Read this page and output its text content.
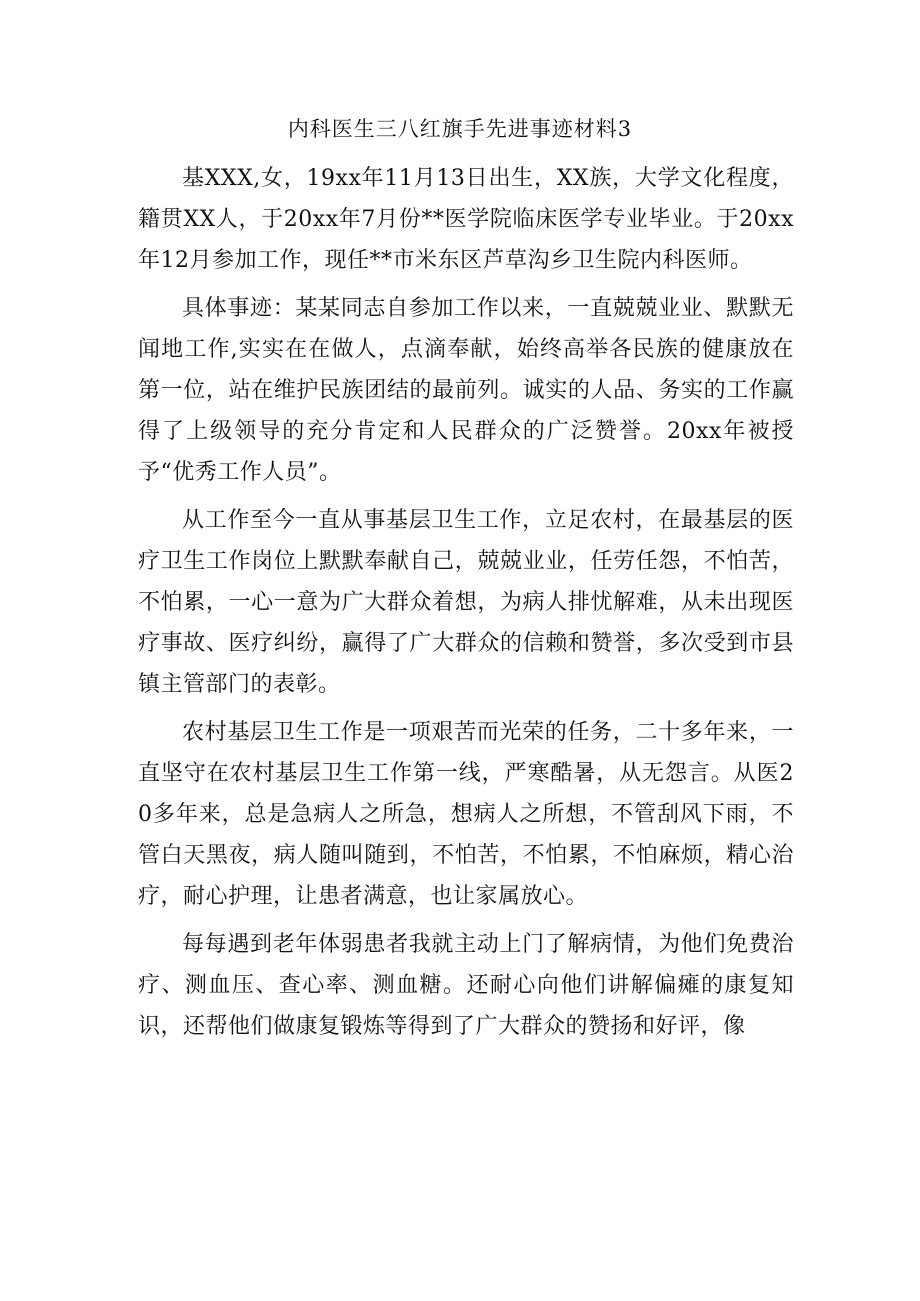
内科医生三八红旗手先进事迹材料3

基XXX,女，19xx年11月13日出生，XX族，大学文化程度，籍贯XX人，于20xx年7月份**医学院临床医学专业毕业。于20xx年12月参加工作，现任**市米东区芦草沟乡卫生院内科医师。

具体事迹：某某同志自参加工作以来，一直兢兢业业、默默无闻地工作,实实在在做人，点滴奉献，始终高举各民族的健康放在第一位，站在维护民族团结的最前列。诚实的人品、务实的工作赢得了上级领导的充分肯定和人民群众的广泛赞誉。20xx年被授予“优秀工作人员”。

从工作至今一直从事基层卫生工作，立足农村，在最基层的医疗卫生工作岗位上默默奉献自己，兢兢业业，任劳任怨，不怕苦，不怕累，一心一意为广大群众着想，为病人排忧解难，从未出现医疗事故、医疗纠纷，赢得了广大群众的信赖和赞誉，多次受到市县镇主管部门的表彰。

农村基层卫生工作是一项艰苦而光荣的任务，二十多年来，一直坚守在农村基层卫生工作第一线，严寒酷暑，从无怨言。从医20多年来，总是急病人之所急，想病人之所想，不管刮风下雨，不管白天黑夜，病人随叫随到，不怕苦，不怕累，不怕麻烦，精心治疗，耐心护理，让患者满意，也让家属放心。

每每遇到老年体弱患者我就主动上门了解病情，为他们免费治疗、测血压、查心率、测血糖。还耐心向他们讲解偏瘫的康复知识，还帮他们做康复锻炼等得到了广大群众的赞扬和好评，像
